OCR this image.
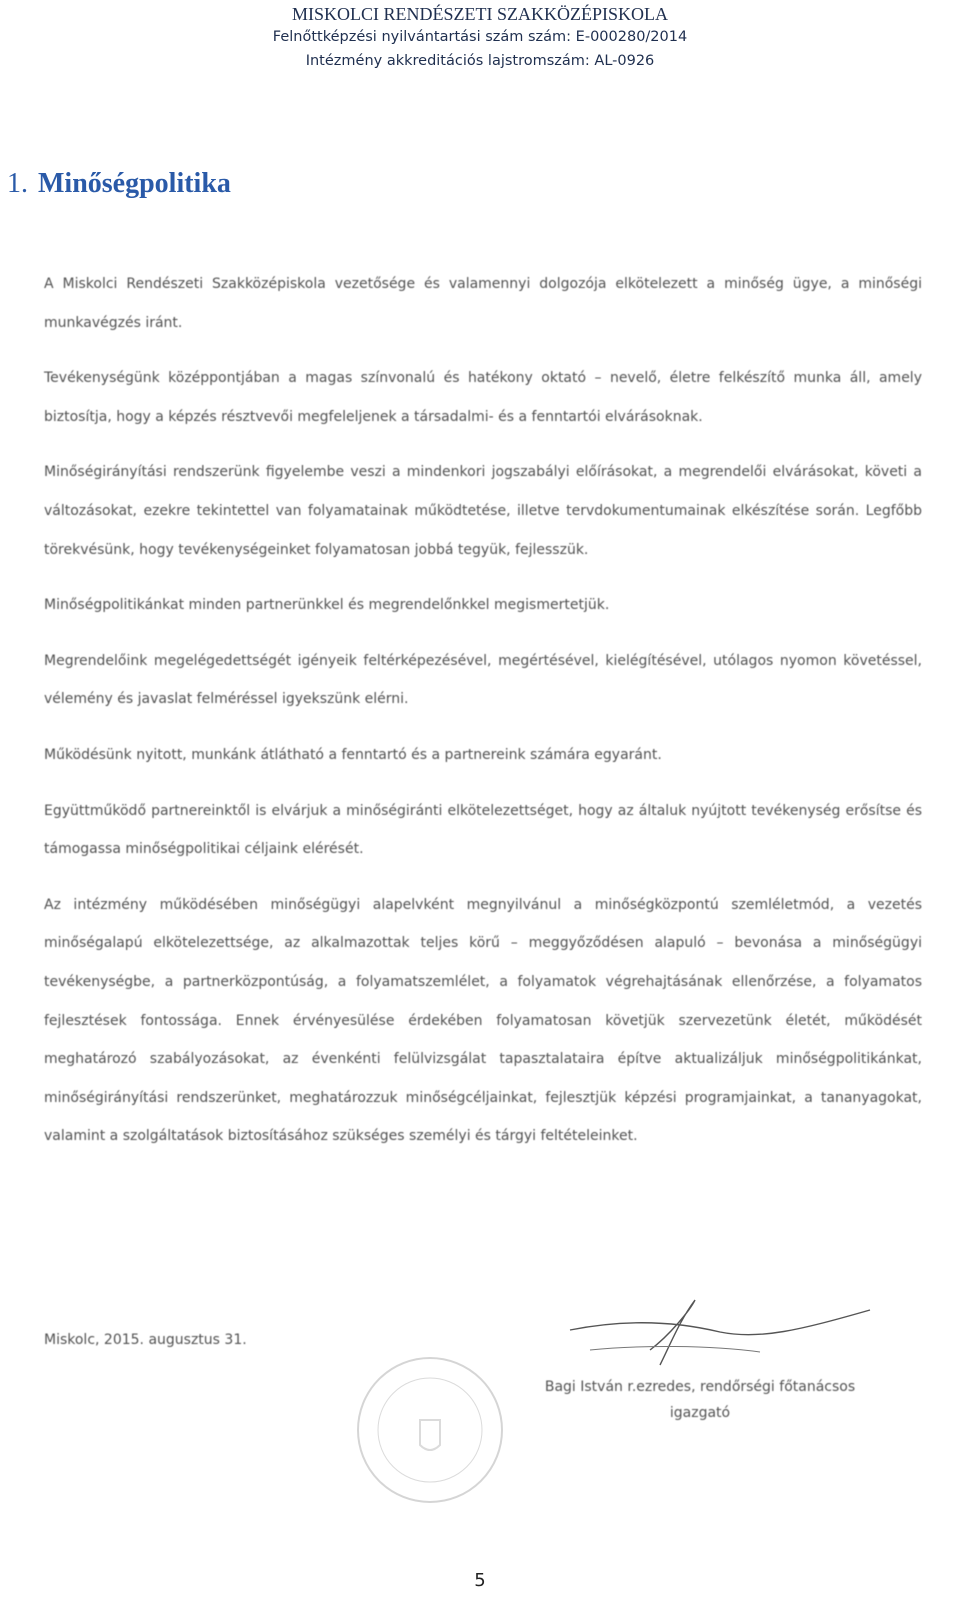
MISKOLCI RENDÉSZETI SZAKKÖZÉPISKOLA
Felnőttképzési nyilvántartási szám szám: E-000280/2014
Intézmény akkreditációs lajstromszám: AL-0926
1. Minőségpolitika

A Miskolci Rendészeti Szakközépiskola vezetősége és valamennyi dolgozója elkötelezett a minőség ügye, a minőségi munkavégzés iránt.

Tevékenységünk középpontjában a magas színvonalú és hatékony oktató – nevelő, életre felkészítő munka áll, amely biztosítja, hogy a képzés résztvevői megfeleljenek a társadalmi- és a fenntartói elvárásoknak.

Minőségirányítási rendszerünk figyelembe veszi a mindenkori jogszabályi előírásokat, a megrendelői elvárásokat, követi a változásokat, ezekre tekintettel van folyamatainak működtetése, illetve tervdokumentumainak elkészítése során. Legfőbb törekvésünk, hogy tevékenységeinket folyamatosan jobbá tegyük, fejlesszük.

Minőségpolitikánkat minden partnerünkkel és megrendelőnkkel megismertetjük.

Megrendelőink megelégedettségét igényeik feltérképezésével, megértésével, kielégítésével, utólagos nyomon követéssel, vélemény és javaslat felméréssel igyekszünk elérni.

Működésünk nyitott, munkánk átlátható a fenntartó és a partnereink számára egyaránt.

Együttműködő partnereinktől is elvárjuk a minőségiránti elkötelezettséget, hogy az általuk nyújtott tevékenység erősítse és támogassa minőségpolitikai céljaink elérését.

Az intézmény működésében minőségügyi alapelvként megnyilvánul a minőségközpontú szemléletmód, a vezetés minőségalapú elkötelezettsége, az alkalmazottak teljes körű – meggyőződésen alapuló – bevonása a minőségügyi tevékenységbe, a partnerközpontúság, a folyamatszemlélet, a folyamatok végrehajtásának ellenőrzése, a folyamatos fejlesztések fontossága. Ennek érvényesülése érdekében folyamatosan követjük szervezetünk életét, működését meghatározó szabályozásokat, az évenkénti felülvizsgálat tapasztalataira építve aktualizáljuk minőségpolitikánkat, minőségirányítási rendszerünket, meghatározzuk minőségcéljainkat, fejlesztjük képzési programjainkat, a tananyagokat, valamint a szolgáltatások biztosításához szükséges személyi és tárgyi feltételeinket.

Miskolc, 2015. augusztus 31.
Bagi István r.ezredes, rendőrségi főtanácsos
igazgató
5
